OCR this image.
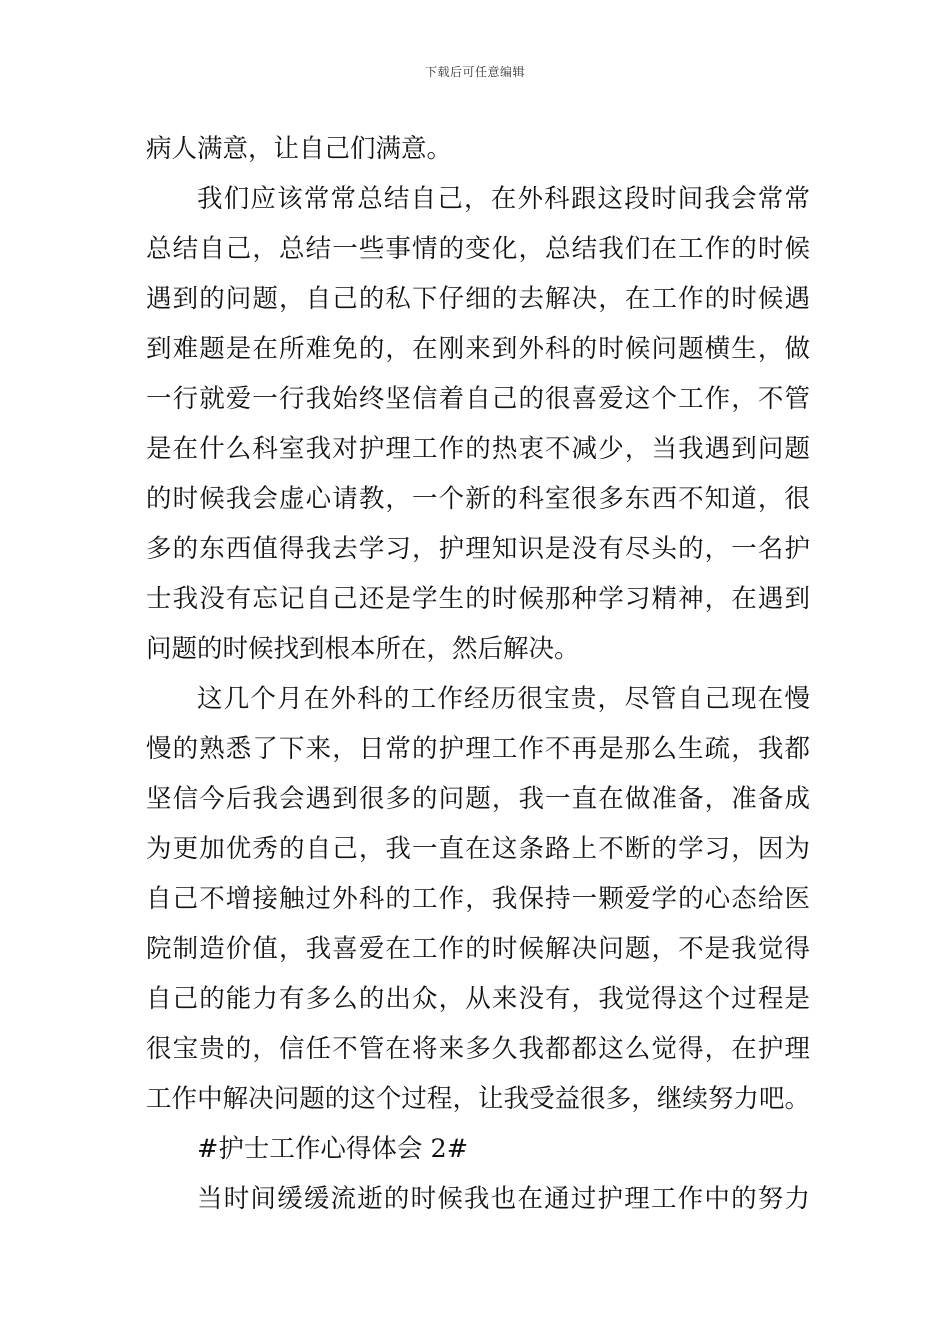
下载后可任意编辑
病人满意，让自己们满意。
我们应该常常总结自己，在外科跟这段时间我会常常
总结自己，总结一些事情的变化，总结我们在工作的时候
遇到的问题，自己的私下仔细的去解决，在工作的时候遇
到难题是在所难免的，在刚来到外科的时候问题横生，做
一行就爱一行我始终坚信着自己的很喜爱这个工作，不管
是在什么科室我对护理工作的热衷不减少，当我遇到问题
的时候我会虚心请教，一个新的科室很多东西不知道，很
多的东西值得我去学习，护理知识是没有尽头的，一名护
士我没有忘记自己还是学生的时候那种学习精神，在遇到
问题的时候找到根本所在，然后解决。
这几个月在外科的工作经历很宝贵，尽管自己现在慢
慢的熟悉了下来，日常的护理工作不再是那么生疏，我都
坚信今后我会遇到很多的问题，我一直在做准备，准备成
为更加优秀的自己，我一直在这条路上不断的学习，因为
自己不增接触过外科的工作，我保持一颗爱学的心态给医
院制造价值，我喜爱在工作的时候解决问题，不是我觉得
自己的能力有多么的出众，从来没有，我觉得这个过程是
很宝贵的，信任不管在将来多久我都都这么觉得，在护理
工作中解决问题的这个过程，让我受益很多，继续努力吧。
#护士工作心得体会 2#
当时间缓缓流逝的时候我也在通过护理工作中的努力
